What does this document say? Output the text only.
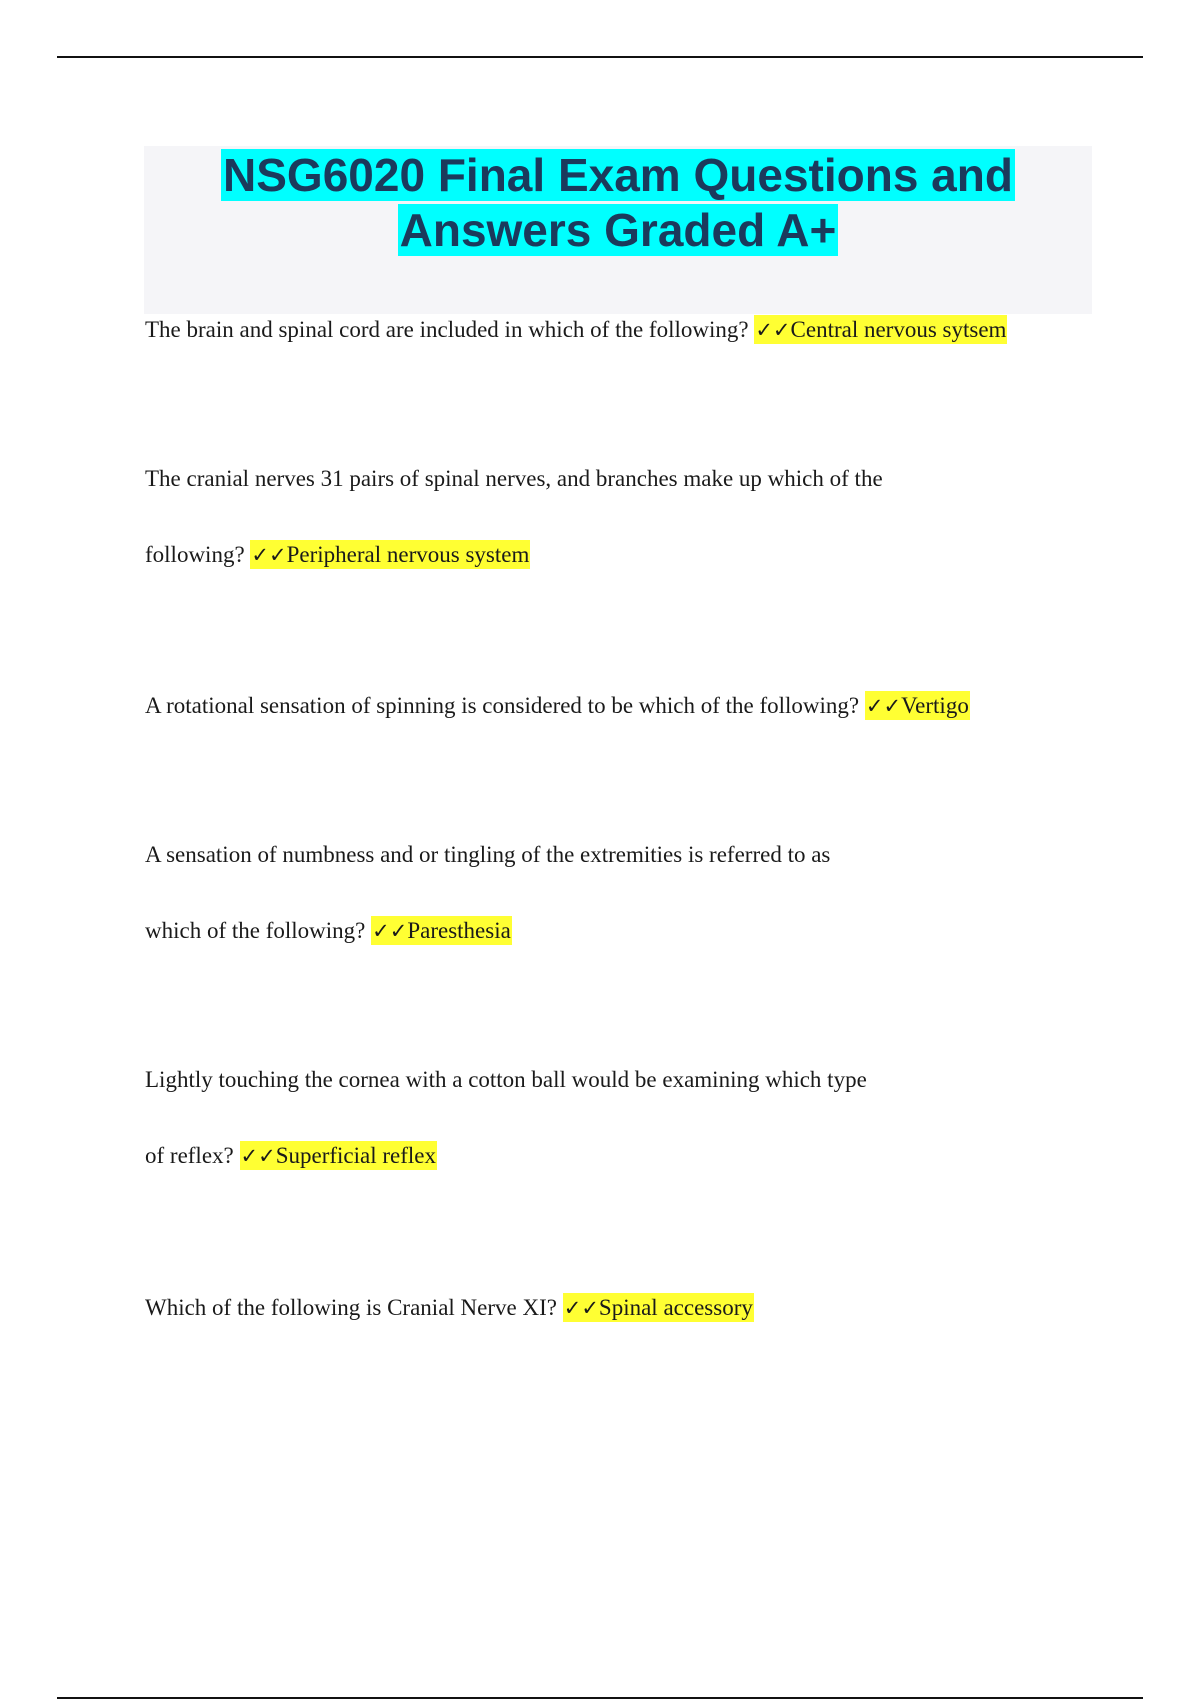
NSG6020 Final Exam Questions and
Answers Graded A+

The brain and spinal cord are included in which of the following? ✓✓Central nervous sytsem

The cranial nerves 31 pairs of spinal nerves, and branches make up which of the
following? ✓✓Peripheral nervous system

A rotational sensation of spinning is considered to be which of the following? ✓✓Vertigo

A sensation of numbness and or tingling of the extremities is referred to as
which of the following? ✓✓Paresthesia

Lightly touching the cornea with a cotton ball would be examining which type
of reflex? ✓✓Superficial reflex

Which of the following is Cranial Nerve XI? ✓✓Spinal accessory
